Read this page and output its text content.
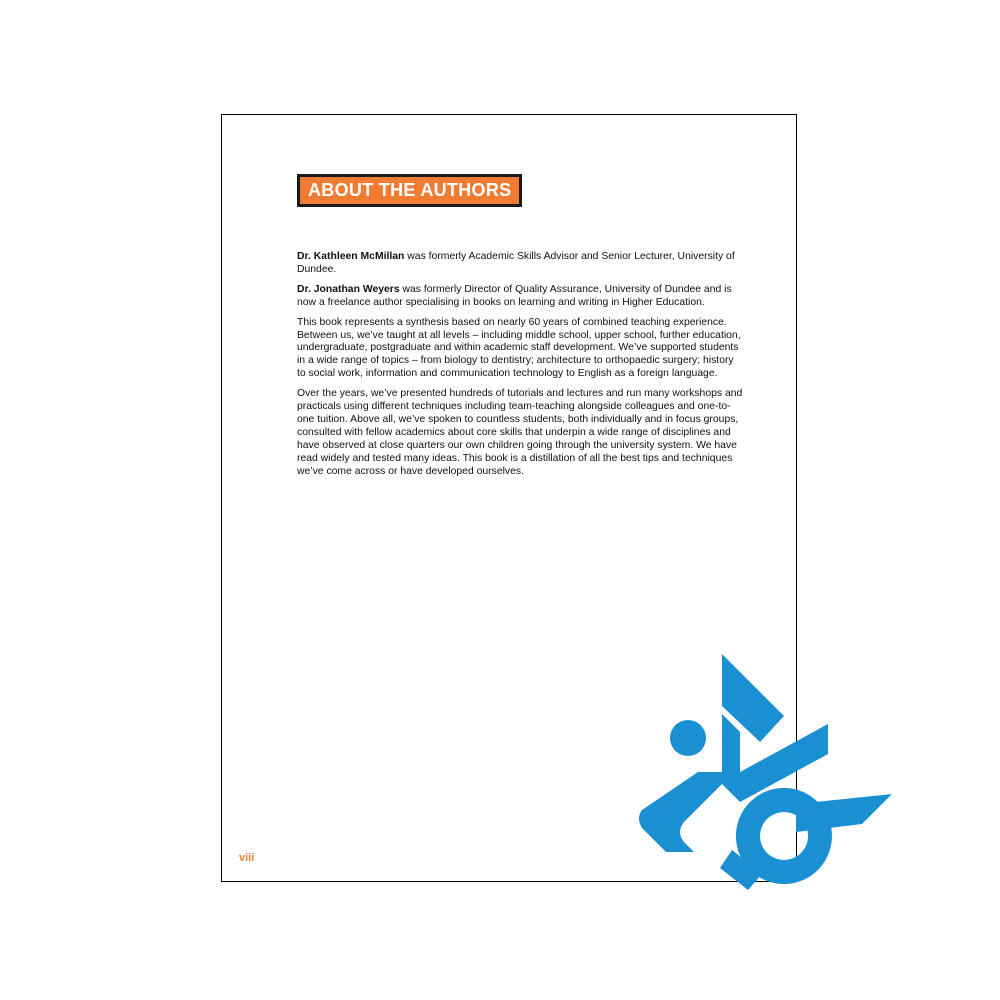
ABOUT THE AUTHORS

Dr. Kathleen McMillan was formerly Academic Skills Advisor and Senior Lecturer, University of Dundee.

Dr. Jonathan Weyers was formerly Director of Quality Assurance, University of Dundee and is now a freelance author specialising in books on learning and writing in Higher Education.

This book represents a synthesis based on nearly 60 years of combined teaching experience. Between us, we’ve taught at all levels – including middle school, upper school, further education, undergraduate, postgraduate and within academic staff development. We’ve supported students in a wide range of topics – from biology to dentistry; architecture to orthopaedic surgery; history to social work, information and communication technology to English as a foreign language.

Over the years, we’ve presented hundreds of tutorials and lectures and run many workshops and practicals using different techniques including team-teaching alongside colleagues and one-to-one tuition. Above all, we’ve spoken to countless students, both individually and in focus groups, consulted with fellow academics about core skills that underpin a wide range of disciplines and have observed at close quarters our own children going through the university system. We have read widely and tested many ideas. This book is a distillation of all the best tips and techniques we’ve come across or have developed ourselves.

viii
